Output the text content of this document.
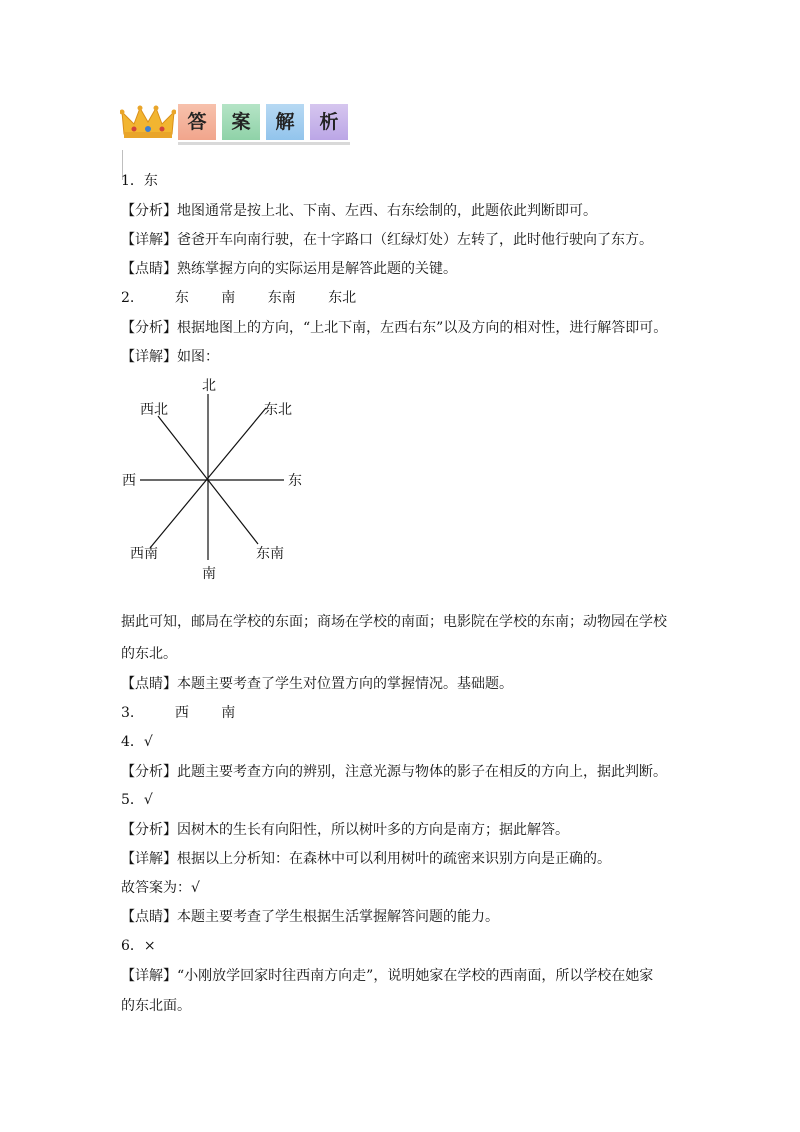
答	案	解	析
1．东
【分析】地图通常是按上北、下南、左西、右东绘制的，此题依此判断即可。
【详解】爸爸开车向南行驶，在十字路口（红绿灯处）左转了，此时他行驶向了东方。
【点睛】熟练掌握方向的实际运用是解答此题的关键。
2.	东 南 东南 东北
【分析】根据地图上的方向，“上北下南，左西右东”以及方向的相对性，进行解答即可。
【详解】如图：
北
南
东
西
东北
西北
东南
西南
据此可知，邮局在学校的东面；商场在学校的南面；电影院在学校的东南；动物园在学校
的东北。
【点睛】本题主要考查了学生对位置方向的掌握情况。基础题。
3.	西 南
4．√
【分析】此题主要考查方向的辨别，注意光源与物体的影子在相反的方向上，据此判断。
5．√
【分析】因树木的生长有向阳性，所以树叶多的方向是南方；据此解答。
【详解】根据以上分析知：在森林中可以利用树叶的疏密来识别方向是正确的。
故答案为：√
【点睛】本题主要考查了学生根据生活掌握解答问题的能力。
6．×
【详解】“小刚放学回家时往西南方向走”，说明她家在学校的西南面，所以学校在她家
的东北面。
